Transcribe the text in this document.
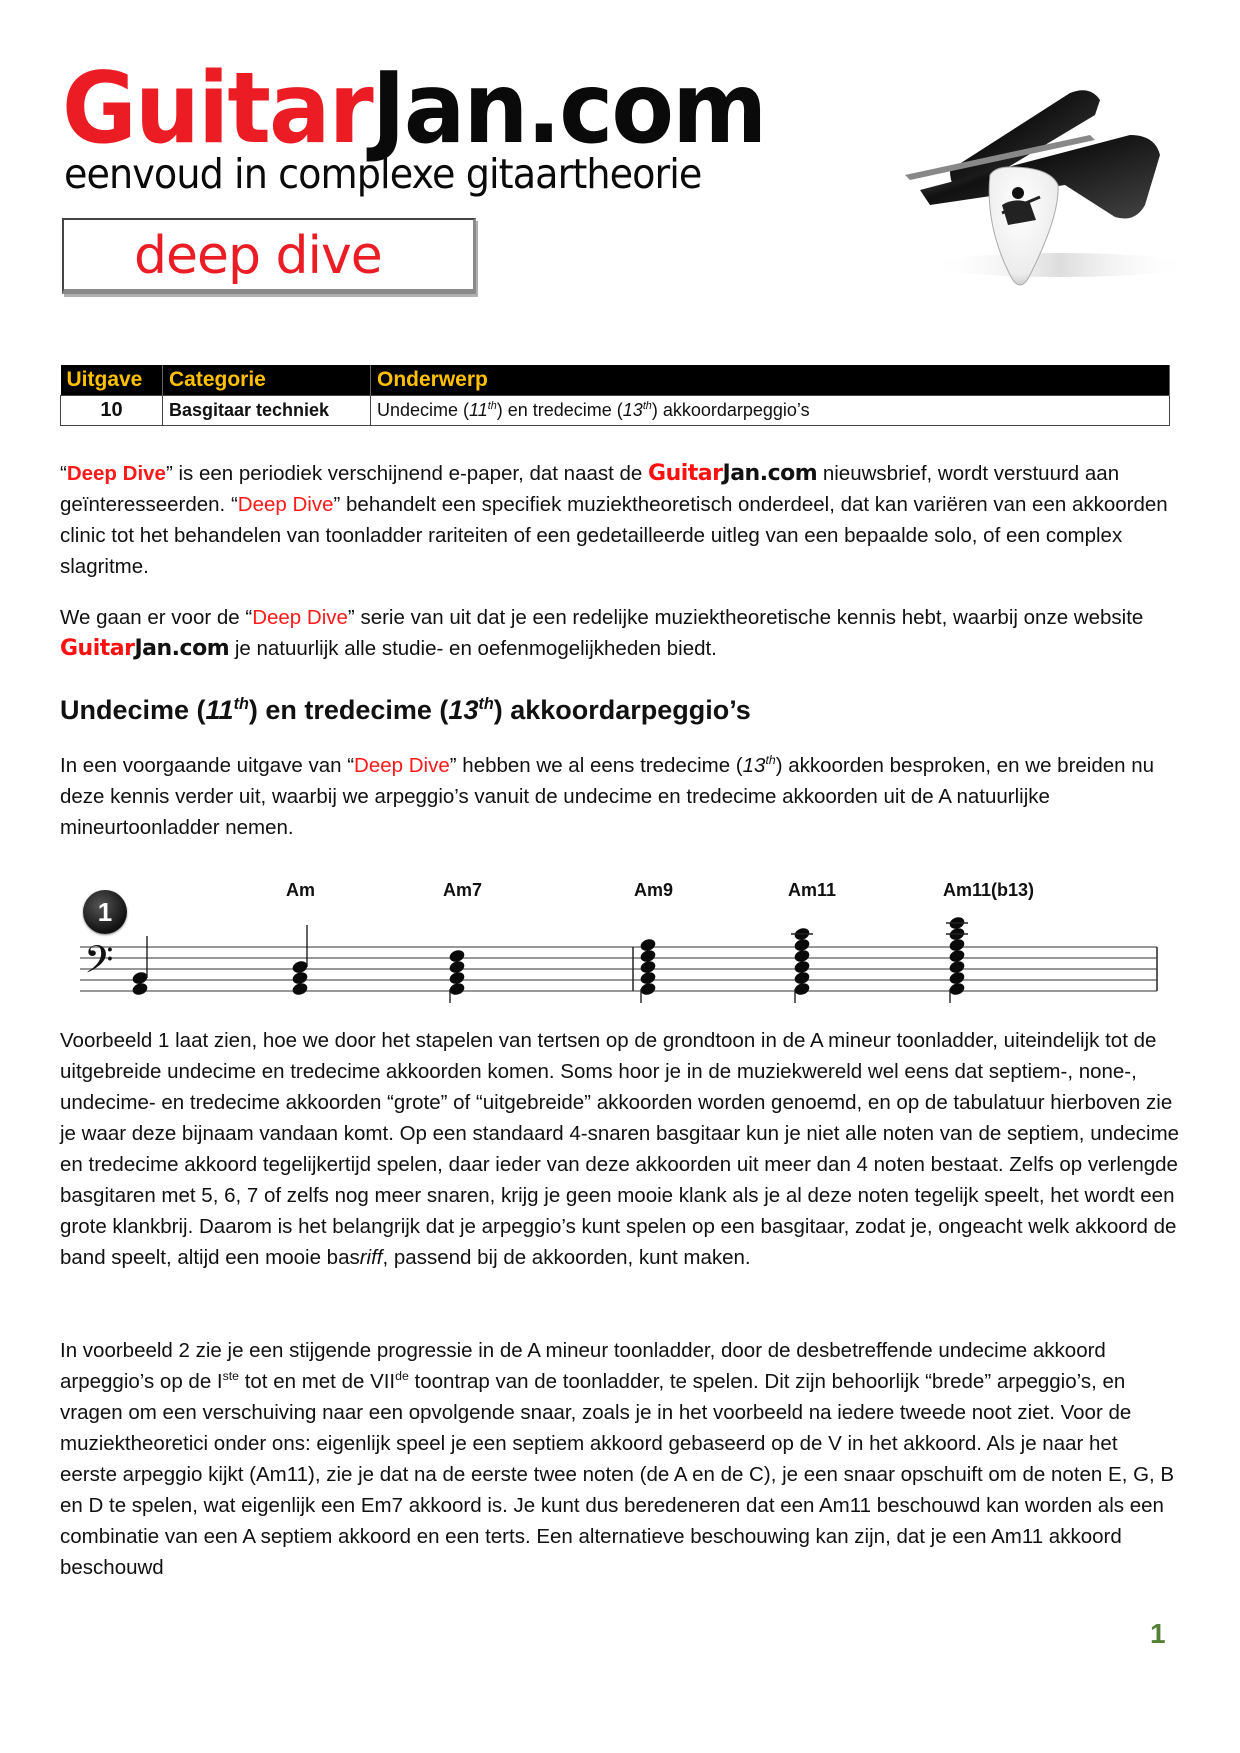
GuitarJan.com
eenvoud in complexe gitaartheorie
deep dive
Uitgave	Categorie	Onderwerp
10	Basgitaar techniek	Undecime (11th) en tredecime (13th) akkoordarpeggio’s

“Deep Dive” is een periodiek verschijnend e-paper, dat naast de GuitarJan.com nieuwsbrief, wordt verstuurd aan geïnteresseerden. “Deep Dive” behandelt een specifiek muziektheoretisch onderdeel, dat kan variëren van een akkoorden clinic tot het behandelen van toonladder rariteiten of een gedetailleerde uitleg van een bepaalde solo, of een complex slagritme.

We gaan er voor de “Deep Dive” serie van uit dat je een redelijke muziektheoretische kennis hebt, waarbij onze website GuitarJan.com je natuurlijk alle studie- en oefenmogelijkheden biedt.

Undecime (11th) en tredecime (13th) akkoordarpeggio’s

In een voorgaande uitgave van “Deep Dive” hebben we al eens tredecime (13th) akkoorden besproken, en we breiden nu deze kennis verder uit, waarbij we arpeggio’s vanuit de undecime en tredecime akkoorden uit de A natuurlijke mineurtoonladder nemen.

1
Am	Am7	Am9	Am11	Am11(b13)
𝄢

Voorbeeld 1 laat zien, hoe we door het stapelen van tertsen op de grondtoon in de A mineur toonladder, uiteindelijk tot de uitgebreide undecime en tredecime akkoorden komen. Soms hoor je in de muziekwereld wel eens dat septiem-, none-, undecime- en tredecime akkoorden “grote” of “uitgebreide” akkoorden worden genoemd, en op de tabulatuur hierboven zie je waar deze bijnaam vandaan komt. Op een standaard 4-snaren basgitaar kun je niet alle noten van de septiem, undecime en tredecime akkoord tegelijkertijd spelen, daar ieder van deze akkoorden uit meer dan 4 noten bestaat. Zelfs op verlengde basgitaren met 5, 6, 7 of zelfs nog meer snaren, krijg je geen mooie klank als je al deze noten tegelijk speelt, het wordt een grote klankbrij. Daarom is het belangrijk dat je arpeggio’s kunt spelen op een basgitaar, zodat je, ongeacht welk akkoord de band speelt, altijd een mooie basriff, passend bij de akkoorden, kunt maken.

In voorbeeld 2 zie je een stijgende progressie in de A mineur toonladder, door de desbetreffende undecime akkoord arpeggio’s op de Iste tot en met de VIIde toontrap van de toonladder, te spelen. Dit zijn behoorlijk “brede” arpeggio’s, en vragen om een verschuiving naar een opvolgende snaar, zoals je in het voorbeeld na iedere tweede noot ziet. Voor de muziektheoretici onder ons: eigenlijk speel je een septiem akkoord gebaseerd op de V in het akkoord. Als je naar het eerste arpeggio kijkt (Am11), zie je dat na de eerste twee noten (de A en de C), je een snaar opschuift om de noten E, G, B en D te spelen, wat eigenlijk een Em7 akkoord is. Je kunt dus beredeneren dat een Am11 beschouwd kan worden als een combinatie van een A septiem akkoord en een terts. Een alternatieve beschouwing kan zijn, dat je een Am11 akkoord beschouwd

1
